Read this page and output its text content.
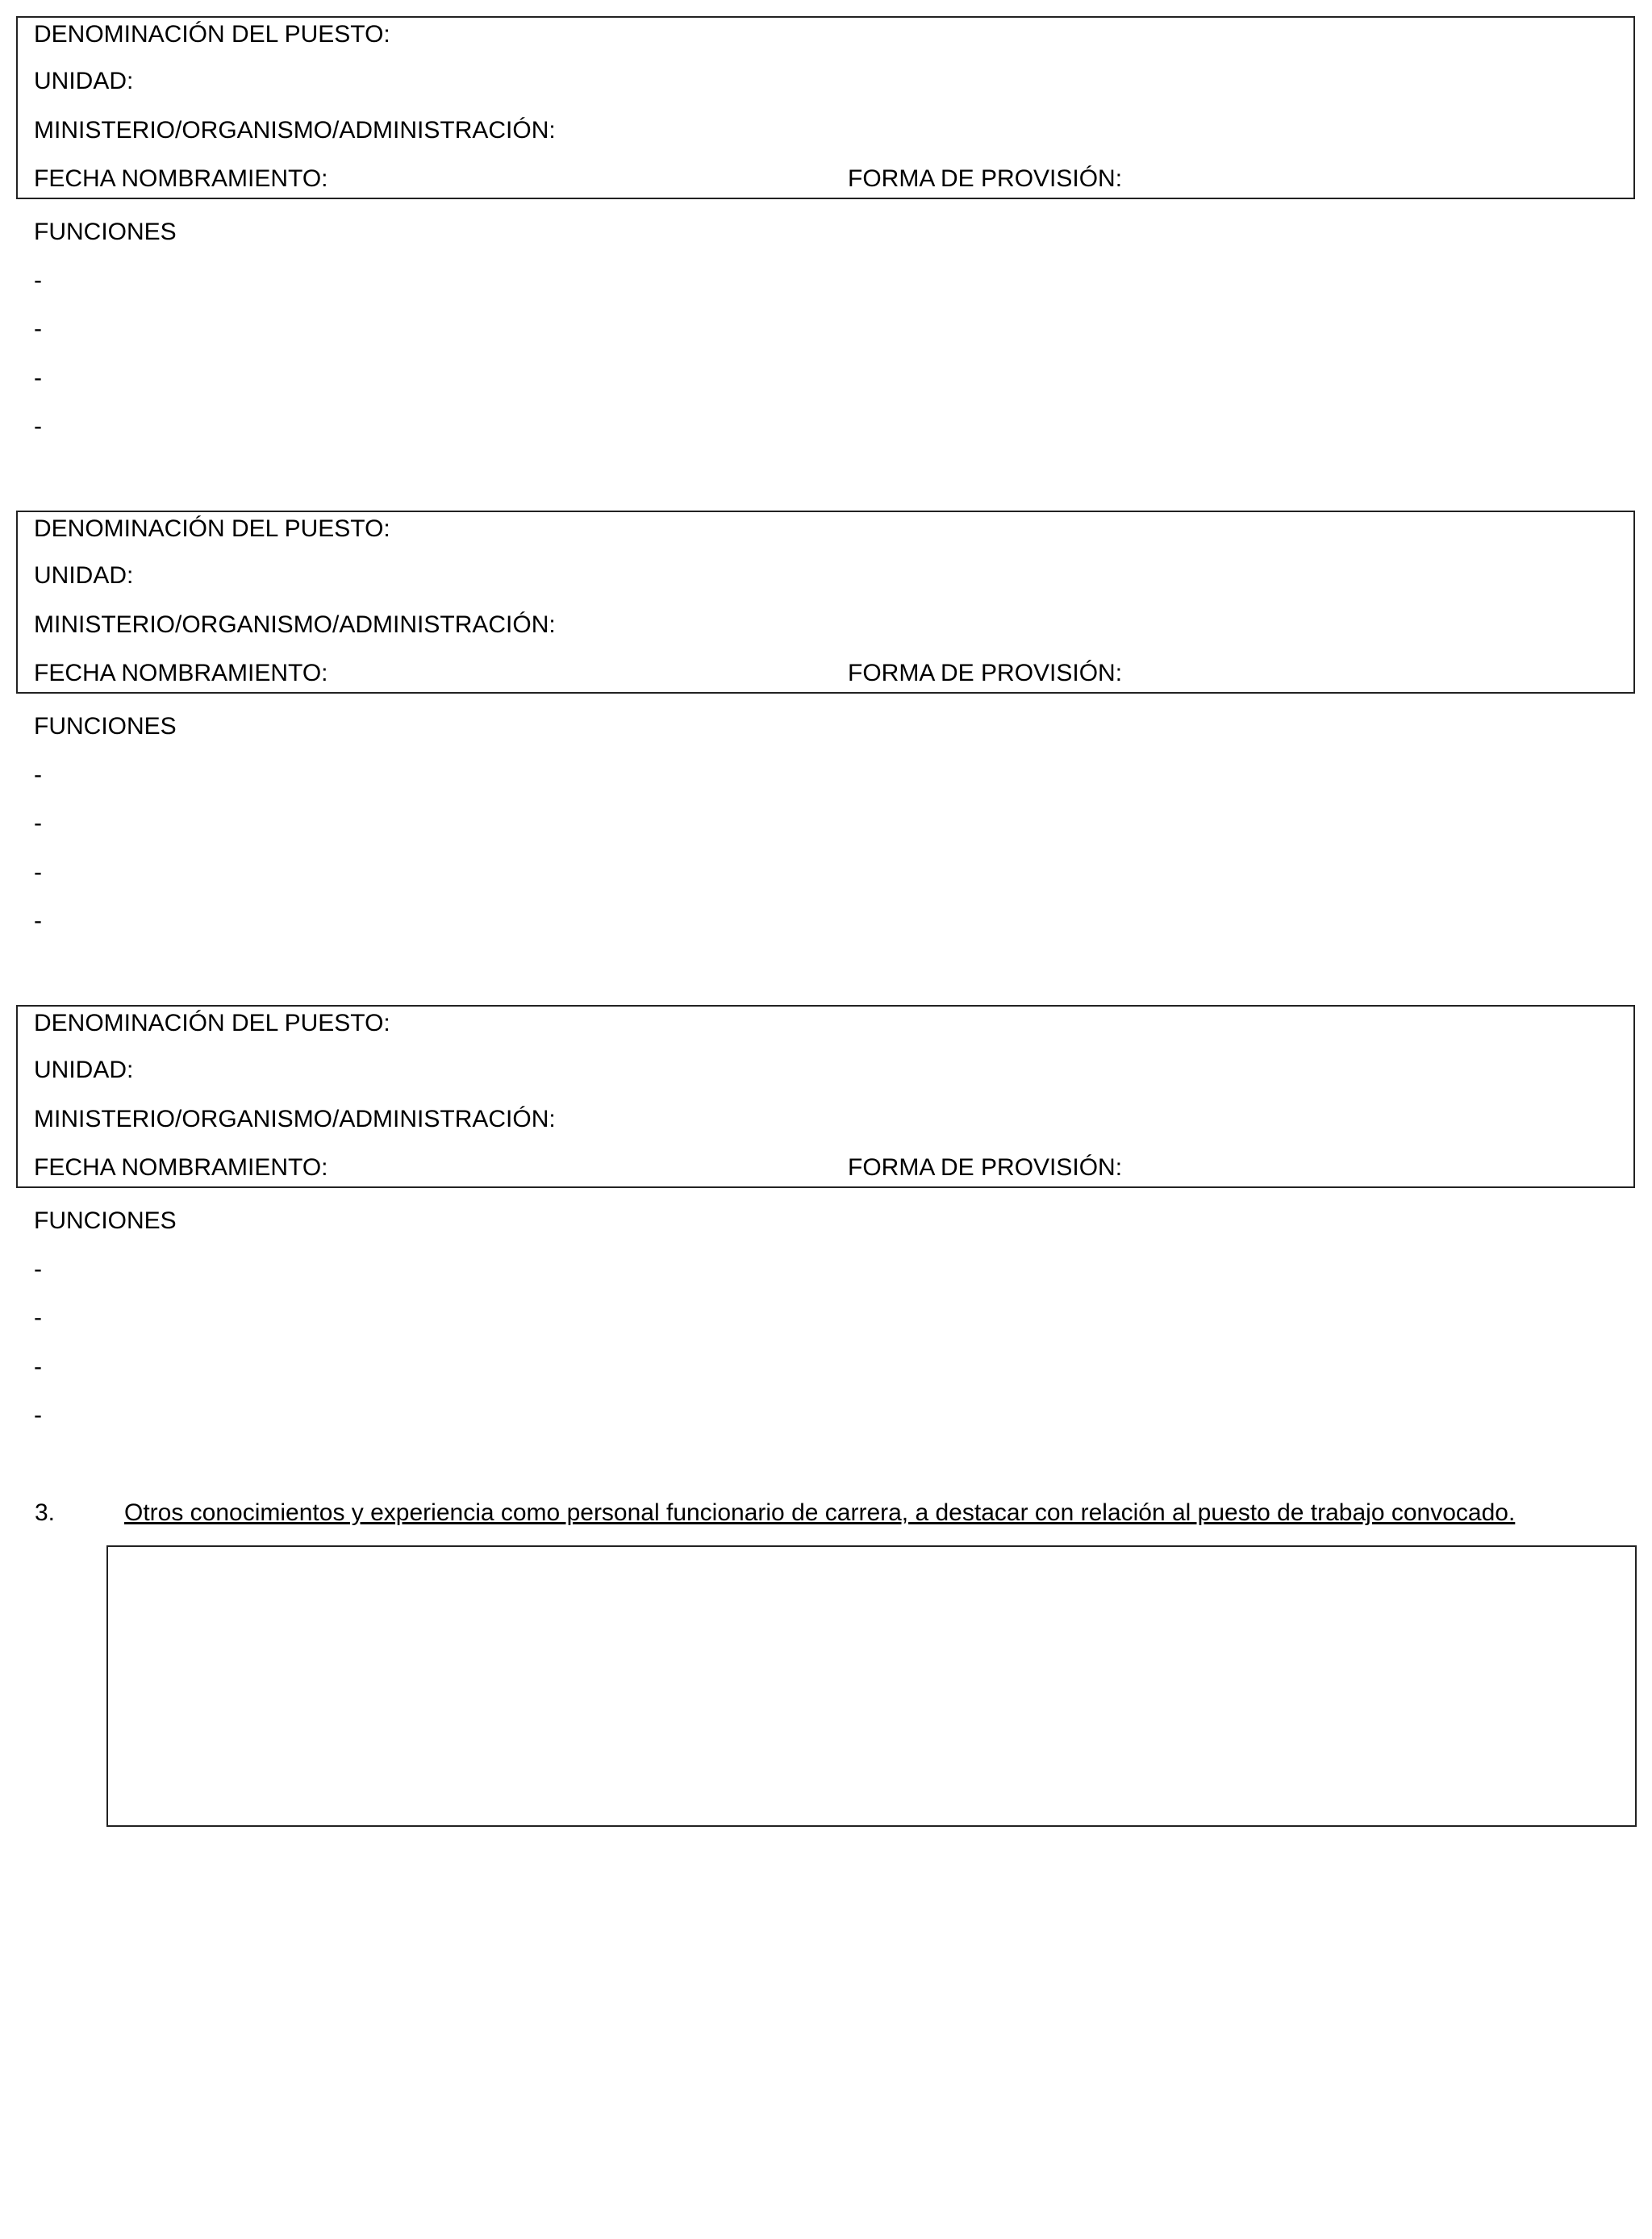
DENOMINACIÓN DEL PUESTO:
UNIDAD:
MINISTERIO/ORGANISMO/ADMINISTRACIÓN:
FECHA NOMBRAMIENTO:	FORMA DE PROVISIÓN:
FUNCIONES
-
-
-
-
DENOMINACIÓN DEL PUESTO:
UNIDAD:
MINISTERIO/ORGANISMO/ADMINISTRACIÓN:
FECHA NOMBRAMIENTO:	FORMA DE PROVISIÓN:
FUNCIONES
-
-
-
-
DENOMINACIÓN DEL PUESTO:
UNIDAD:
MINISTERIO/ORGANISMO/ADMINISTRACIÓN:
FECHA NOMBRAMIENTO:	FORMA DE PROVISIÓN:
FUNCIONES
-
-
-
-
3.	Otros conocimientos y experiencia como personal funcionario de carrera, a destacar con relación al puesto de trabajo convocado.
